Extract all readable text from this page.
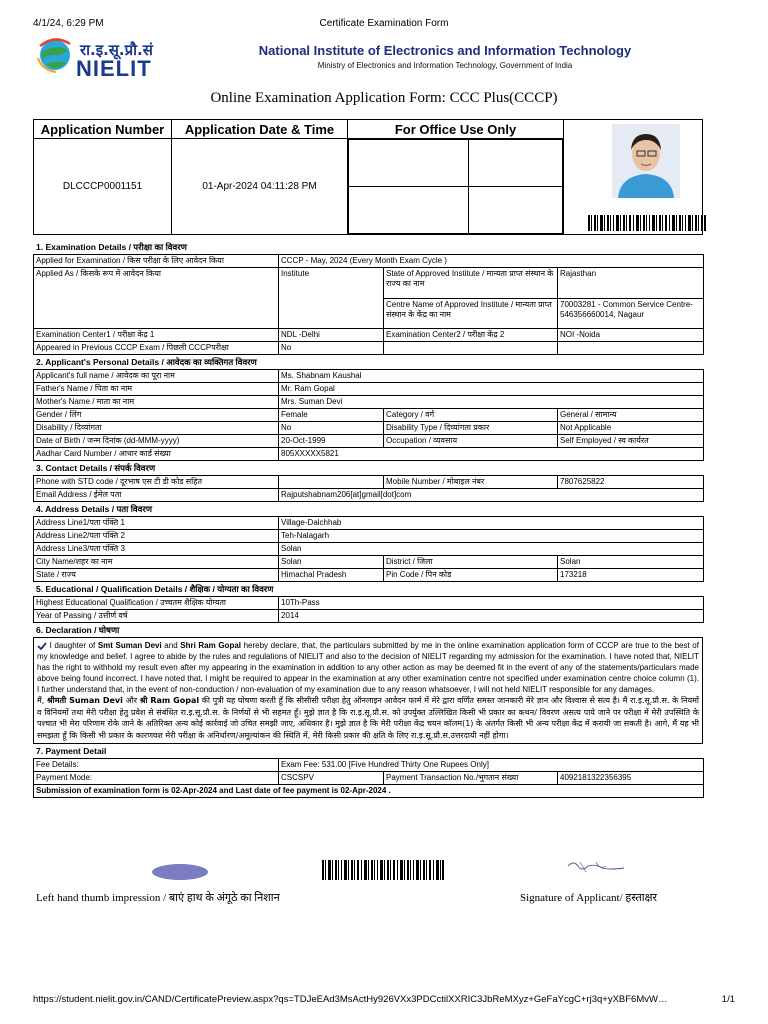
4/1/24, 6:29 PM	Certificate Examination Form
रा.इ.सू.प्रौ.सं
NIELIT
National Institute of Electronics and Information Technology
Ministry of Electronics and Information Technology, Government of India
Online Examination Application Form: CCC Plus(CCCP)
Application Number	Application Date & Time	For Office Use Only	

DLCCCP0001151	01-Apr-2024 04:11:28 PM	

1. Examination Details / परीक्षा का विवरण
Applied for Examination / किस परीक्षा के लिए आवेदन किया	CCCP - May, 2024 (Every Month Exam Cycle )		
Applied As / किसके रूप में आवेदन किया	Institute	State of Approved Institute / मान्यता प्राप्त संस्थान के राज्य का नाम	Rajasthan
		Centre Name of Approved Institute / मान्यता प्राप्त संस्थान के केंद्र का नाम	70003281 - Common Service Centre-546356660014, Nagaur
Examination Center1 / परीक्षा केंद्र 1	NDL -Delhi	Examination Center2 / परीक्षा केंद्र 2	NOI -Noida
Appeared in Previous CCCP Exam / पिछली CCCPपरीक्षा	No		
2. Applicant's Personal Details / आवेदक का व्यक्तिगत विवरण
Applicant's full name / आवेदक का पूरा नाम	Ms. Shabnam Kaushal		
Father's Name / पिता का नाम	Mr. Ram Gopal		
Mother's Name / माता का नाम	Mrs. Suman Devi		
Gender / लिंग	Female	Category / वर्ग	General / सामान्य
Disability / दिव्यांगता	No	Disability Type / दिव्यांगता प्रकार	Not Applicable
Date of Birth / जन्म दिनांक (dd-MMM-yyyy)	20-Oct-1999	Occupation / व्यवसाय	Self Employed / स्व कार्यरत
Aadhar Card Number / आधार कार्ड संख्या	805XXXXX5821		
3. Contact Details / संपर्क विवरण
Phone with STD code / दूरभाष एस टी डी कोड सहित		Mobile Number / मोबाइल नंबर	7807625822
Email Address / ईमेल पता	Rajputshabnam206[at]gmail[dot]com		
4. Address Details / पता विवरण
Address Line1/पता पंक्ति 1	Village-Dalchhab		
Address Line2/पता पंक्ति 2	Teh-Nalagarh		
Address Line3/पता पंक्ति 3	Solan		
City Name/शहर का नाम	Solan	District / जिला	Solan
State / राज्य	Himachal Pradesh	Pin Code / पिन कोड	173218
5. Educational / Qualification Details / शैक्षिक / योग्यता का विवरण
Highest Educational Qualification / उच्चतम शैक्षिक योग्यता	10Th-Pass
Year of Passing / उत्तीर्ण वर्ष	2014
6. Declaration / घोषणा
I daughter of Smt Suman Devi and Shri Ram Gopal hereby declare, that, the particulars submitted by me in the online examination application form of CCCP are true to the best of my knowledge and belief. I agree to abide by the rules and regulations of NIELIT and also to the decision of NIELIT regarding my admission for the examination. I have noted that, NIELIT has the right to withhold my result even after my appearing in the examination in addition to any other action as may be deemed fit in the event of any of the statements/particulars made above being found incorrect. I have noted that, I might be required to appear in the examination at any other examination centre not specified under examination centre choice column (1). I further understand that, in the event of non-conduction / non-evaluation of my examination due to any reason whatsoever, I will not held NIELIT responsible for any damages.
मैं, श्रीमती Suman Devi और श्री Ram Gopal की पुत्री यह घोषणा करती हूँ कि सीसीसी परीक्षा हेतु ऑनलाइन आवेदन फार्म में मेरे द्वारा वर्णित समस्त जानकारी मेरे ज्ञान और विश्वास से सत्य है। मैं रा.इ.सू.प्रौ.स. के नियमों व विनियमों तथा मेरी परीक्षा हेतु प्रवेश से संबंधित रा.इ.सू.प्रौ.स. के निर्णयों से भी सहमत हूँ। मुझे ज्ञात है कि रा.इ.सू.प्रौ.स. को उपर्युक्त उल्लिखित किसी भी प्रकार का कथन/ विवरण असत्य पाये जाने पर परीक्षा में मेरी उपस्थिति के पश्चात भी मेरा परिणाम रोके जाने के अतिरिक्त अन्य कोई कार्रवाई जो उचित समझी जाए, अधिकार है। मुझे ज्ञात है कि मेरी परीक्षा केंद्र चयन कॉलम(1) के अंतर्गत किसी भी अन्य परीक्षा केंद्र में करायी जा सकती है। आगे, मैं यह भी समझता हूँ कि किसी भी प्रकार के कारणवश मेरी परीक्षा के अनिर्धारण/अमूल्यांकन की स्थिति में, मेरी किसी प्रकार की क्षति के लिए रा.इ.सू.प्रौ.स.उत्तरदायी नहीं होगा।
7. Payment Detail
Fee Details:	Exam Fee: 531.00 [Five Hundred Thirty One Rupees Only]		
Payment Mode:	CSCSPV	Payment Transaction No./भुगतान संख्या	4092181322356395
Submission of examination form is 02-Apr-2024 and Last date of fee payment is 02-Apr-2024 .			
Left hand thumb impression / बाएं हाथ के अंगूठे का निशान	Signature of Applicant/ हस्ताक्षर
https://student.nielit.gov.in/CAND/CertificatePreview.aspx?qs=TDJeEAd3MsActHy926VXx3PDCctilXXRIC3JbReMXyz+GeFaYcgC+rj3q+yXBF6MvW…	1/1
